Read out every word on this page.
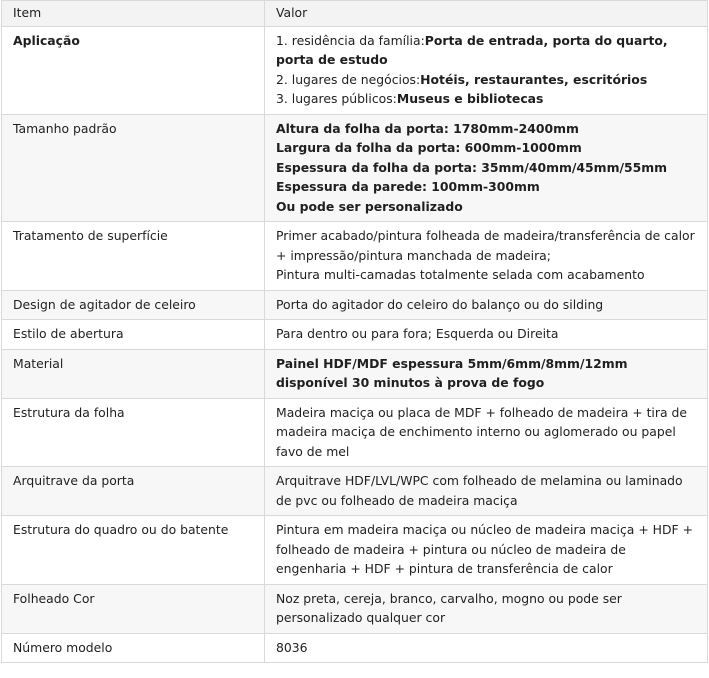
Item	Valor
Aplicação	1. residência da família:Porta de entrada, porta do quarto, porta de estudo
2. lugares de negócios:Hotéis, restaurantes, escritórios
3. lugares públicos:Museus e bibliotecas

Tamanho padrão	Altura da folha da porta: 1780mm-2400mm
Largura da folha da porta: 600mm-1000mm
Espessura da folha da porta: 35mm/40mm/45mm/55mm
Espessura da parede: 100mm-300mm
Ou pode ser personalizado

Tratamento de superfície	Primer acabado/pintura folheada de madeira/transferência de calor + impressão/pintura manchada de madeira;
Pintura multi-camadas totalmente selada com acabamento

Design de agitador de celeiro	Porta do agitador do celeiro do balanço ou do silding
Estilo de abertura	Para dentro ou para fora; Esquerda ou Direita
Material	Painel HDF/MDF espessura 5mm/6mm/8mm/12mm disponível 30 minutos à prova de fogo
Estrutura da folha	Madeira maciça ou placa de MDF + folheado de madeira + tira de madeira maciça de enchimento interno ou aglomerado ou papel favo de mel
Arquitrave da porta	Arquitrave HDF/LVL/WPC com folheado de melamina ou laminado de pvc ou folheado de madeira maciça
Estrutura do quadro ou do batente	Pintura em madeira maciça ou núcleo de madeira maciça + HDF + folheado de madeira + pintura ou núcleo de madeira de engenharia + HDF + pintura de transferência de calor
Folheado Cor	Noz preta, cereja, branco, carvalho, mogno ou pode ser personalizado qualquer cor
Número modelo	8036
